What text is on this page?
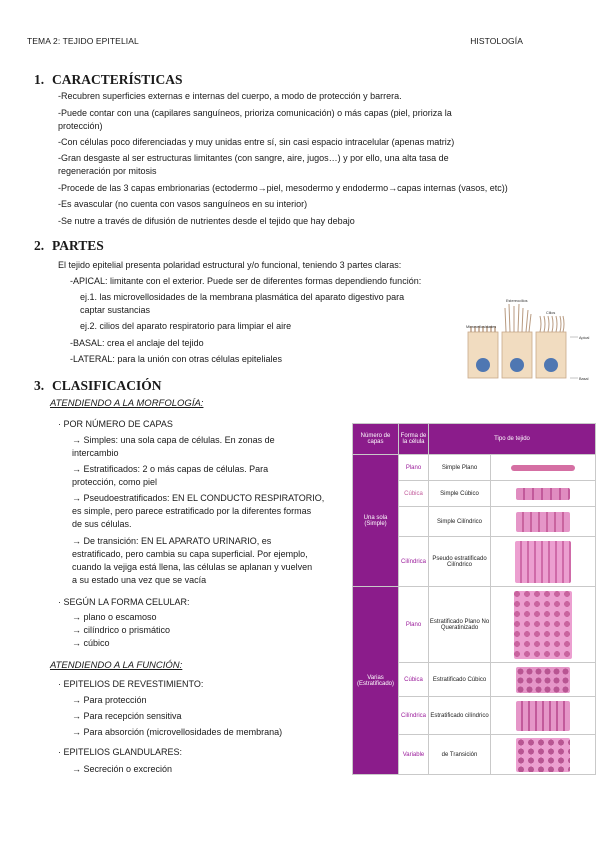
TEMA 2: TEJIDO EPITELIAL	HISTOLOGÍA
1. CARACTERÍSTICAS
-Recubren superficies externas e internas del cuerpo, a modo de protección y barrera.
-Puede contar con una (capilares sanguíneos, prioriza comunicación) o más capas (piel, prioriza la
protección)
-Con células poco diferenciadas y muy unidas entre sí, sin casi espacio intracelular (apenas matriz)
-Gran desgaste al ser estructuras limitantes (con sangre, aire, jugos…) y por ello, una alta tasa de
regeneración por mitosis
-Procede de las 3 capas embrionarias (ectodermo→piel, mesodermo y endodermo→capas internas (vasos, etc))
-Es avascular (no cuenta con vasos sanguíneos en su interior)
-Se nutre a través de difusión de nutrientes desde el tejido que hay debajo
2. PARTES
El tejido epitelial presenta polaridad estructural y/o funcional, teniendo 3 partes claras:
-APICAL: limitante con el exterior. Puede ser de diferentes formas dependiendo función:
ej.1. las microvellosidades de la membrana plasmática del aparato digestivo para
captar sustancias
ej.2. cilios del aparato respiratorio para limpiar el aire
-BASAL: crea el anclaje del tejido
-LATERAL: para la unión con otras células epiteliales
Microvellosidades
Estereocilios
Cilios
Apical
Basal
3. CLASIFICACIÓN
ATENDIENDO A LA MORFOLOGÍA:
· POR NÚMERO DE CAPAS
→ Simples: una sola capa de células. En zonas de
intercambio
→ Estratificados: 2 o más capas de células. Para
protección, como piel
→ Pseudoestratificados: EN EL CONDUCTO RESPIRATORIO,
es simple, pero parece estratificado por la diferentes formas
de sus células.
→ De transición: EN EL APARATO URINARIO, es
estratificado, pero cambia su capa superficial. Por ejemplo,
cuando la vejiga está llena, las células se aplanan y vuelven
a su estado una vez que se vacía
· SEGÚN LA FORMA CELULAR:
→ plano o escamoso
→ cilíndrico o prismático
→ cúbico
ATENDIENDO A LA FUNCIÓN:
· EPITELIOS DE REVESTIMIENTO:
→ Para protección
→ Para recepción sensitiva
→ Para absorción (microvellosidades de membrana)
· EPITELIOS GLANDULARES:
→ Secreción o excreción
Número de capas	Forma de la célula	Tipo de tejido	
Una sola (Simple)	Plano	Simple Plano	

	Cúbica	Simple Cúbico	

		Simple Cilíndrico	

	Cilíndrica	Pseudo estratificado Cilíndrico	

Varias (Estratificado)	Plano	Estratificado Plano No Queratinizado	

	Cúbica	Estratificado Cúbico	

	Cilíndrica	Estratificado cilíndrico	

	Variable	de Transición	
